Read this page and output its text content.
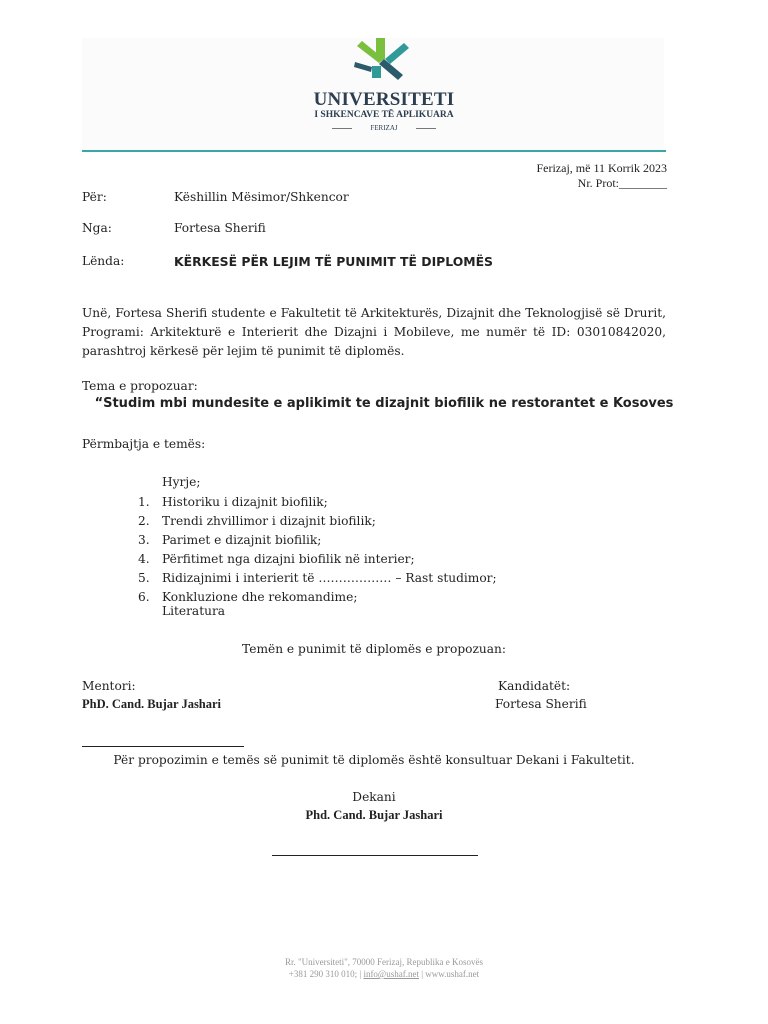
UNIVERSITETI
I SHKENCAVE TË APLIKUARA
FERIZAJ
Ferizaj, më 11 Korrik 2023
Nr. Prot:________
Për:	Këshillin Mësimor/Shkencor
Nga:	Fortesa Sherifi
Lënda:	KËRKESË PËR LEJIM TË PUNIMIT TË DIPLOMËS
Unë, Fortesa Sherifi studente e Fakultetit të Arkitekturës, Dizajnit dhe Teknologjisë së Drurit, Programi: Arkitekturë e Interierit dhe Dizajni i Mobileve, me numër të ID: 03010842020, parashtroj kërkesë për lejim të punimit të diplomës.
Tema e propozuar:
“Studim mbi mundesite e aplikimit te dizajnit biofilik ne restorantet e Kosoves
Përmbajtja e temës:
Hyrje;
1. Historiku i dizajnit biofilik;
2. Trendi zhvillimor i dizajnit biofilik;
3. Parimet e dizajnit biofilik;
4. Përfitimet nga dizajni biofilik në interier;
5. Ridizajnimi i interierit të ……………… – Rast studimor;
6. Konkluzione dhe rekomandime;
Literatura
Temën e punimit të diplomës e propozuan:
Mentori:
PhD. Cand. Bujar Jashari
Kandidatët:
Fortesa Sherifi
Për propozimin e temës së punimit të diplomës është konsultuar Dekani i Fakultetit.
Dekani
Phd. Cand. Bujar Jashari
Rr. "Universiteti", 70000 Ferizaj, Republika e Kosovës
+381 290 310 010; | info@ushaf.net | www.ushaf.net
